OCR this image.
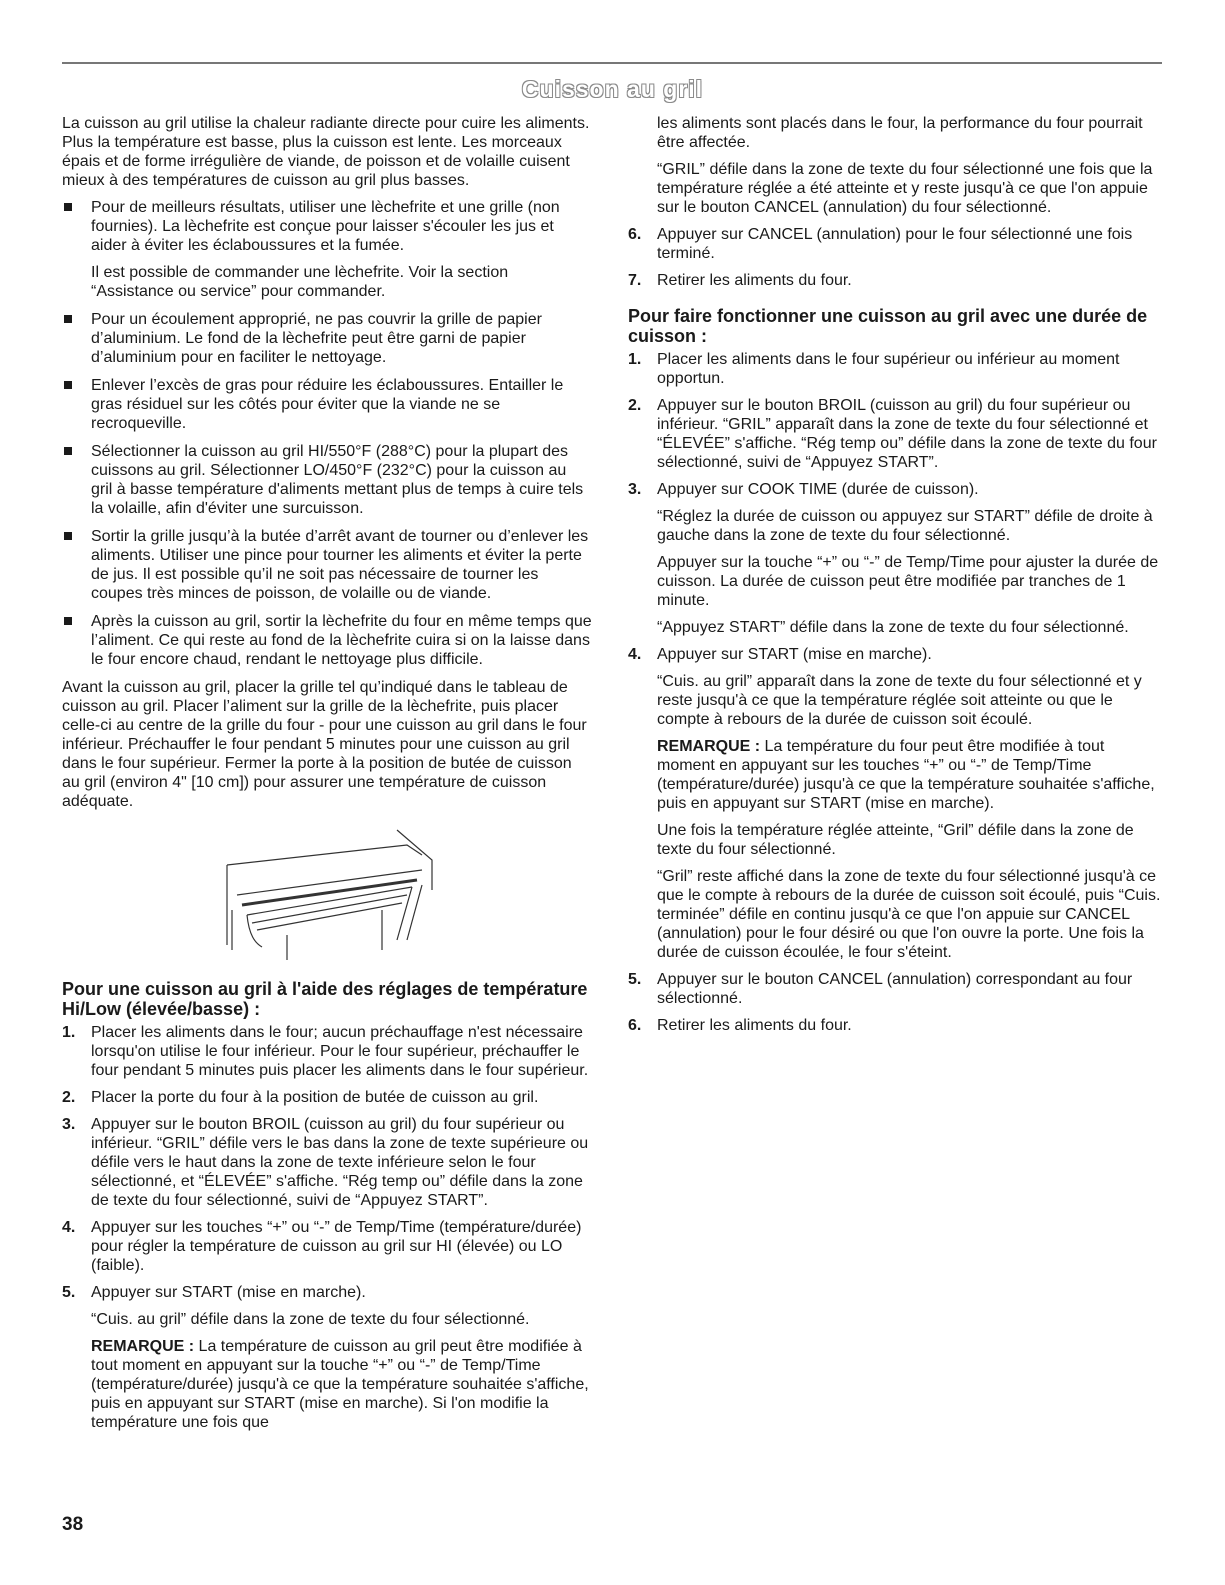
Cuisson au gril

La cuisson au gril utilise la chaleur radiante directe pour cuire les aliments. Plus la température est basse, plus la cuisson est lente. Les morceaux épais et de forme irrégulière de viande, de poisson et de volaille cuisent mieux à des températures de cuisson au gril plus basses.

Pour de meilleurs résultats, utiliser une lèchefrite et une grille (non fournies). La lèchefrite est conçue pour laisser s'écouler les jus et aider à éviter les éclaboussures et la fumée.

Il est possible de commander une lèchefrite. Voir la section “Assistance ou service” pour commander.

Pour un écoulement approprié, ne pas couvrir la grille de papier d’aluminium. Le fond de la lèchefrite peut être garni de papier d’aluminium pour en faciliter le nettoyage.
Enlever l’excès de gras pour réduire les éclaboussures. Entailler le gras résiduel sur les côtés pour éviter que la viande ne se recroqueville.
Sélectionner la cuisson au gril HI/550°F (288°C) pour la plupart des cuissons au gril. Sélectionner LO/450°F (232°C) pour la cuisson au gril à basse température d'aliments mettant plus de temps à cuire tels la volaille, afin d'éviter une surcuisson.
Sortir la grille jusqu’à la butée d’arrêt avant de tourner ou d’enlever les aliments. Utiliser une pince pour tourner les aliments et éviter la perte de jus. Il est possible qu’il ne soit pas nécessaire de tourner les coupes très minces de poisson, de volaille ou de viande.
Après la cuisson au gril, sortir la lèchefrite du four en même temps que l’aliment. Ce qui reste au fond de la lèchefrite cuira si on la laisse dans le four encore chaud, rendant le nettoyage plus difficile.

Avant la cuisson au gril, placer la grille tel qu’indiqué dans le tableau de cuisson au gril. Placer l’aliment sur la grille de la lèchefrite, puis placer celle-ci au centre de la grille du four - pour une cuisson au gril dans le four inférieur. Préchauffer le four pendant 5 minutes pour une cuisson au gril dans le four supérieur. Fermer la porte à la position de butée de cuisson au gril (environ 4" [10 cm]) pour assurer une température de cuisson adéquate.

Pour une cuisson au gril à l'aide des réglages de température Hi/Low (élevée/basse) :
1. Placer les aliments dans le four; aucun préchauffage n'est nécessaire lorsqu'on utilise le four inférieur. Pour le four supérieur, préchauffer le four pendant 5 minutes puis placer les aliments dans le four supérieur.
2. Placer la porte du four à la position de butée de cuisson au gril.
3. Appuyer sur le bouton BROIL (cuisson au gril) du four supérieur ou inférieur. “GRIL” défile vers le bas dans la zone de texte supérieure ou défile vers le haut dans la zone de texte inférieure selon le four sélectionné, et “ÉLEVÉE” s'affiche. “Rég temp ou” défile dans la zone de texte du four sélectionné, suivi de “Appuyez START”.
4. Appuyer sur les touches “+” ou “-” de Temp/Time (température/durée) pour régler la température de cuisson au gril sur HI (élevée) ou LO (faible).
5. Appuyer sur START (mise en marche).

“Cuis. au gril” défile dans la zone de texte du four sélectionné.

REMARQUE : La température de cuisson au gril peut être modifiée à tout moment en appuyant sur la touche “+” ou “-” de Temp/Time (température/durée) jusqu'à ce que la température souhaitée s'affiche, puis en appuyant sur START (mise en marche). Si l'on modifie la température une fois que

les aliments sont placés dans le four, la performance du four pourrait être affectée.

“GRIL” défile dans la zone de texte du four sélectionné une fois que la température réglée a été atteinte et y reste jusqu'à ce que l'on appuie sur le bouton CANCEL (annulation) du four sélectionné.

6. Appuyer sur CANCEL (annulation) pour le four sélectionné une fois terminé.
7. Retirer les aliments du four.
Pour faire fonctionner une cuisson au gril avec une durée de cuisson :
1. Placer les aliments dans le four supérieur ou inférieur au moment opportun.
2. Appuyer sur le bouton BROIL (cuisson au gril) du four supérieur ou inférieur. “GRIL” apparaît dans la zone de texte du four sélectionné et “ÉLEVÉE” s'affiche. “Rég temp ou” défile dans la zone de texte du four sélectionné, suivi de “Appuyez START”.
3. Appuyer sur COOK TIME (durée de cuisson).

“Réglez la durée de cuisson ou appuyez sur START” défile de droite à gauche dans la zone de texte du four sélectionné.

Appuyer sur la touche “+” ou “-” de Temp/Time pour ajuster la durée de cuisson. La durée de cuisson peut être modifiée par tranches de 1 minute.

“Appuyez START” défile dans la zone de texte du four sélectionné.

4. Appuyer sur START (mise en marche).

“Cuis. au gril” apparaît dans la zone de texte du four sélectionné et y reste jusqu'à ce que la température réglée soit atteinte ou que le compte à rebours de la durée de cuisson soit écoulé.

REMARQUE : La température du four peut être modifiée à tout moment en appuyant sur les touches “+” ou “-” de Temp/Time (température/durée) jusqu'à ce que la température souhaitée s'affiche, puis en appuyant sur START (mise en marche).

Une fois la température réglée atteinte, “Gril” défile dans la zone de texte du four sélectionné.

“Gril” reste affiché dans la zone de texte du four sélectionné jusqu'à ce que le compte à rebours de la durée de cuisson soit écoulé, puis “Cuis. terminée” défile en continu jusqu'à ce que l'on appuie sur CANCEL (annulation) pour le four désiré ou que l'on ouvre la porte. Une fois la durée de cuisson écoulée, le four s'éteint.

5. Appuyer sur le bouton CANCEL (annulation) correspondant au four sélectionné.
6. Retirer les aliments du four.
38
